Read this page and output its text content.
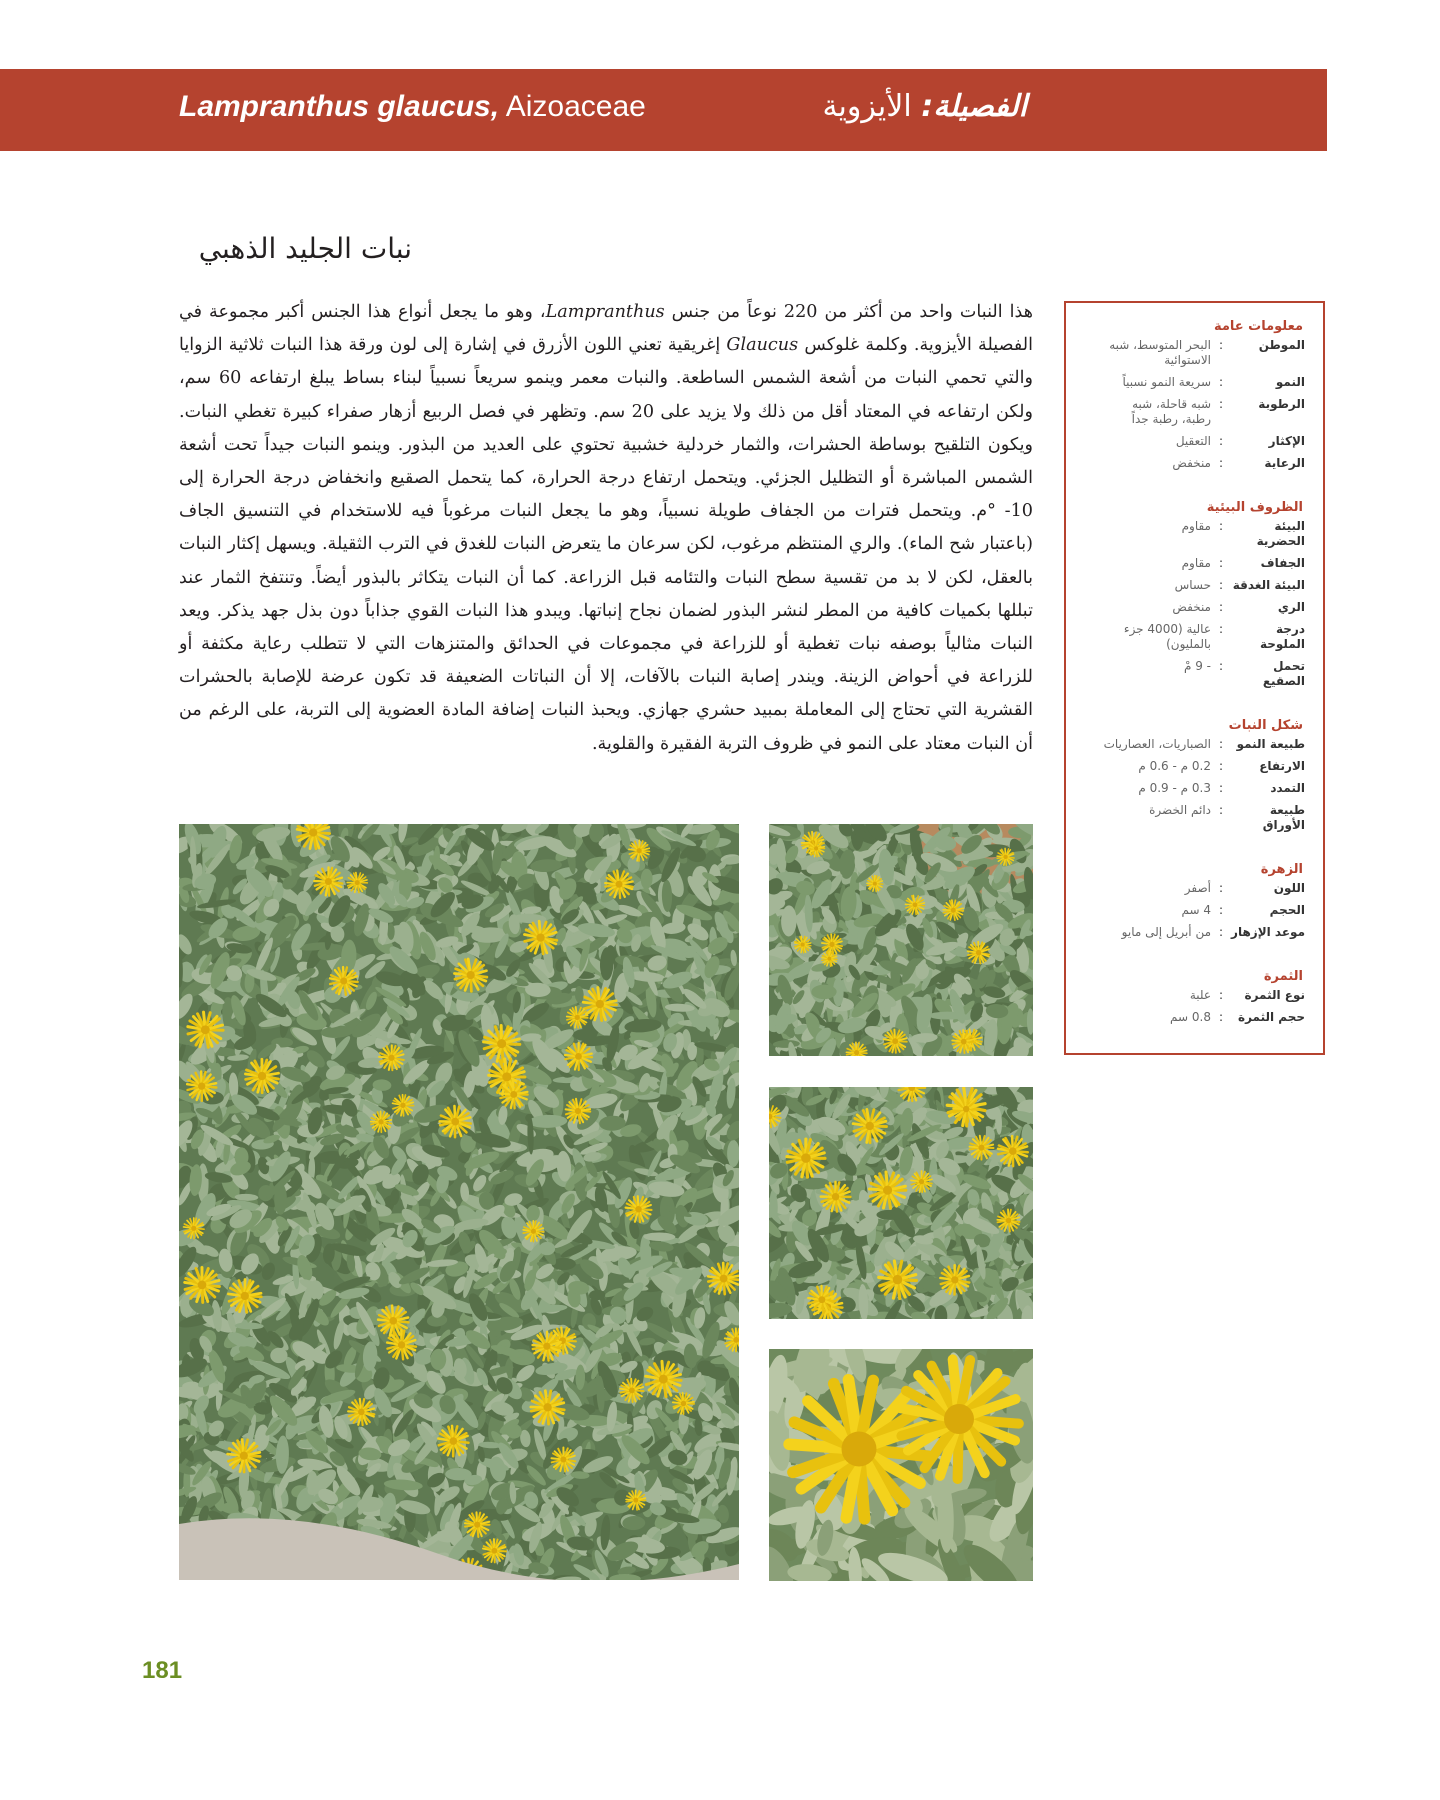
Lampranthus glaucus, Aizoaceae	الفصيلة: الأيزوية
نبات الجليد الذهبي
هذا النبات واحد من أكثر من 220 نوعاً من جنس Lampranthus، وهو ما يجعل أنواع هذا الجنس أكبر مجموعة في الفصيلة الأيزوية. وكلمة غلوكس Glaucus إغريقية تعني اللون الأزرق في إشارة إلى لون ورقة هذا النبات ثلاثية الزوايا والتي تحمي النبات من أشعة الشمس الساطعة. والنبات معمر وينمو سريعاً نسبياً لبناء بساط يبلغ ارتفاعه 60 سم، ولكن ارتفاعه في المعتاد أقل من ذلك ولا يزيد على 20 سم. وتظهر في فصل الربيع أزهار صفراء كبيرة تغطي النبات. ويكون التلقيح بوساطة الحشرات، والثمار خردلية خشبية تحتوي على العديد من البذور. وينمو النبات جيداً تحت أشعة الشمس المباشرة أو التظليل الجزئي. ويتحمل ارتفاع درجة الحرارة، كما يتحمل الصقيع وانخفاض درجة الحرارة إلى 10- °م. ويتحمل فترات من الجفاف طويلة نسبياً، وهو ما يجعل النبات مرغوباً فيه للاستخدام في التنسيق الجاف (باعتبار شح الماء). والري المنتظم مرغوب، لكن سرعان ما يتعرض النبات للغدق في الترب الثقيلة. ويسهل إكثار النبات بالعقل، لكن لا بد من تقسية سطح النبات والتئامه قبل الزراعة. كما أن النبات يتكاثر بالبذور أيضاً. وتنتفخ الثمار عند تبللها بكميات كافية من المطر لنشر البذور لضمان نجاح إنباتها. ويبدو هذا النبات القوي جذاباً دون بذل جهد يذكر. ويعد النبات مثالياً بوصفه نبات تغطية أو للزراعة في مجموعات في الحدائق والمتنزهات التي لا تتطلب رعاية مكثفة أو للزراعة في أحواض الزينة. ويندر إصابة النبات بالآفات، إلا أن النباتات الضعيفة قد تكون عرضة للإصابة بالحشرات القشرية التي تحتاج إلى المعاملة بمبيد حشري جهازي. ويحبذ النبات إضافة المادة العضوية إلى التربة، على الرغم من أن النبات معتاد على النمو في ظروف التربة الفقيرة والقلوية.
معلومات عامة
الموطن
:
البحر المتوسط، شبه الاستوائية
النمو
:
سريعة النمو نسبياً
الرطوبة
:
شبه قاحلة، شبه رطبة، رطبة جداً
الإكثار
:
التعقيل
الرعاية
:
منخفض
الظروف البيئية
البيئة الحضرية
:
مقاوم
الجفاف
:
مقاوم
البيئة الغدقة
:
حساس
الري
:
منخفض
درجة الملوحة
:
عالية (4000 جزء بالمليون)
تحمل الصقيع
:
- 9 مْ
شكل النبات
طبيعة النمو
:
الصباريات، العصاريات
الارتفاع
:
0.2 م - 0.6 م
التمدد
:
0.3 م - 0.9 م
طبيعة الأوراق
:
دائم الخضرة
الزهرة
اللون
:
أصفر
الحجم
:
4 سم
موعد الإزهار
:
من أبريل إلى مايو
الثمرة
نوع الثمرة
:
علبة
حجم الثمرة
:
0.8 سم
181
